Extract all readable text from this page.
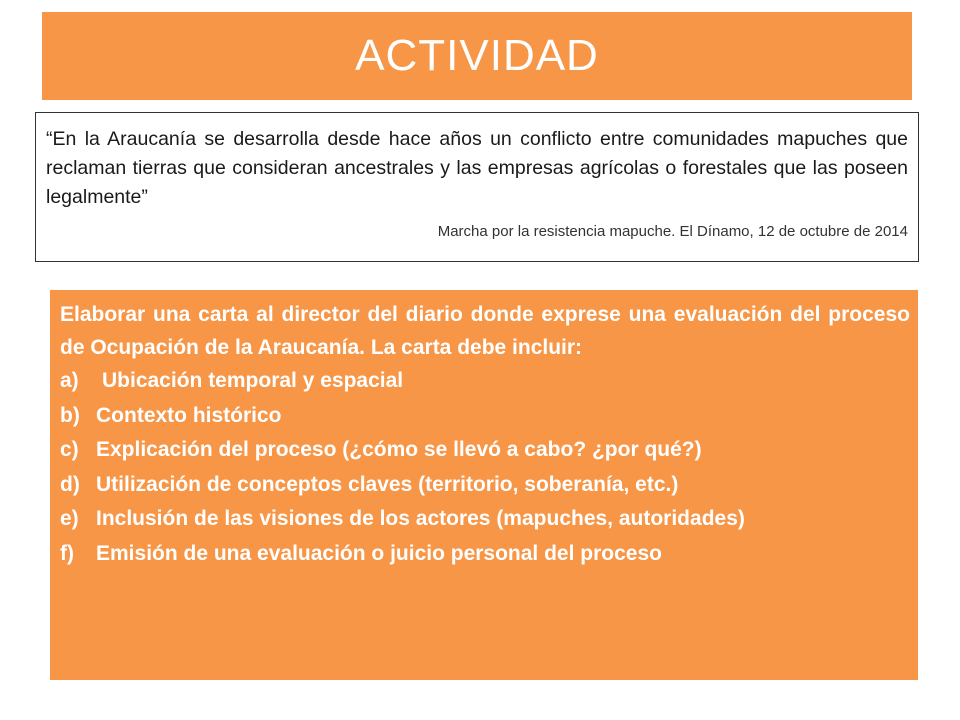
ACTIVIDAD

“En la Araucanía se desarrolla desde hace años un conflicto entre comunidades mapuches que reclaman tierras que consideran ancestrales y las empresas agrícolas o forestales que las poseen legalmente”

Marcha por la resistencia mapuche. El Dínamo, 12 de octubre de 2014

Elaborar una carta al director del diario donde exprese una evaluación del proceso de Ocupación de la Araucanía. La carta debe incluir:

a)	Ubicación temporal y espacial
b) Contexto histórico
c) Explicación del proceso (¿cómo se llevó a cabo? ¿por qué?)
d) Utilización de conceptos claves (territorio, soberanía, etc.)
e) Inclusión de las visiones de los actores (mapuches, autoridades)
f)	Emisión de una evaluación o juicio personal del proceso
